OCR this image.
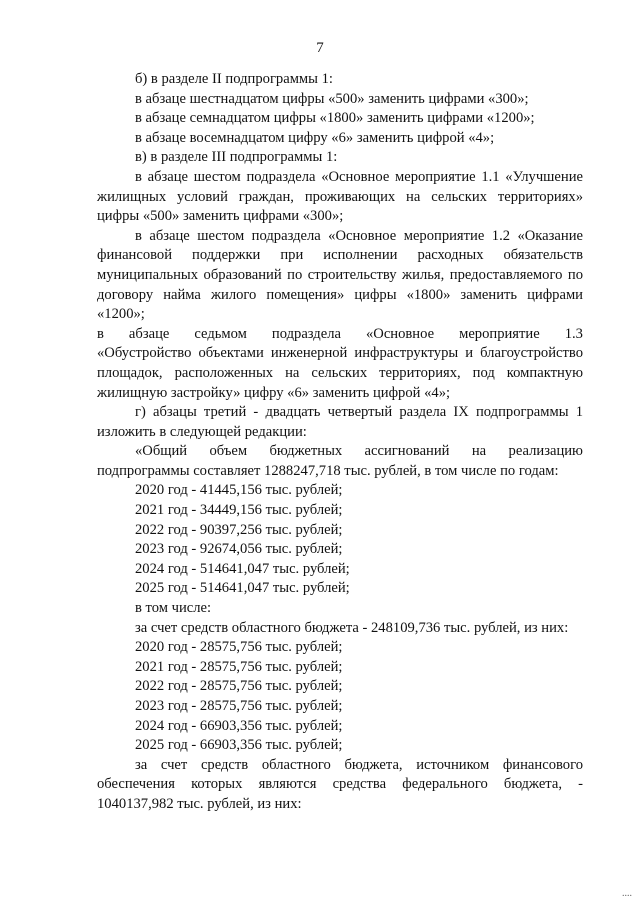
7

б) в разделе II подпрограммы 1:

в абзаце шестнадцатом цифры «500» заменить цифрами «300»;

в абзаце семнадцатом цифры «1800» заменить цифрами «1200»;

в абзаце восемнадцатом цифру «6» заменить цифрой «4»;

в) в разделе III подпрограммы 1:

в абзаце шестом подраздела «Основное мероприятие 1.1 «Улучшение жилищных условий граждан, проживающих на сельских территориях» цифры «500» заменить цифрами «300»;

в абзаце шестом подраздела «Основное мероприятие 1.2 «Оказание финансовой поддержки при исполнении расходных обязательств муниципальных образований по строительству жилья, предоставляемого по договору найма жилого помещения» цифры «1800» заменить цифрами «1200»;

в абзаце седьмом подраздела «Основное мероприятие 1.3

«Обустройство объектами инженерной инфраструктуры и благоустройство площадок, расположенных на сельских территориях, под компактную жилищную застройку» цифру «6» заменить цифрой «4»;

г) абзацы третий - двадцать четвертый раздела IX подпрограммы 1 изложить в следующей редакции:

«Общий объем бюджетных ассигнований на реализацию

подпрограммы составляет 1288247,718 тыс. рублей, в том числе по годам:

2020 год - 41445,156 тыс. рублей;

2021 год - 34449,156 тыс. рублей;

2022 год - 90397,256 тыс. рублей;

2023 год - 92674,056 тыс. рублей;

2024 год - 514641,047 тыс. рублей;

2025 год - 514641,047 тыс. рублей;

в том числе:

за счет средств областного бюджета - 248109,736 тыс. рублей, из них:

2020 год - 28575,756 тыс. рублей;

2021 год - 28575,756 тыс. рублей;

2022 год - 28575,756 тыс. рублей;

2023 год - 28575,756 тыс. рублей;

2024 год - 66903,356 тыс. рублей;

2025 год - 66903,356 тыс. рублей;

за счет средств областного бюджета, источником финансового обеспечения которых являются средства федерального бюджета, - 1040137,982 тыс. рублей, из них:

....
